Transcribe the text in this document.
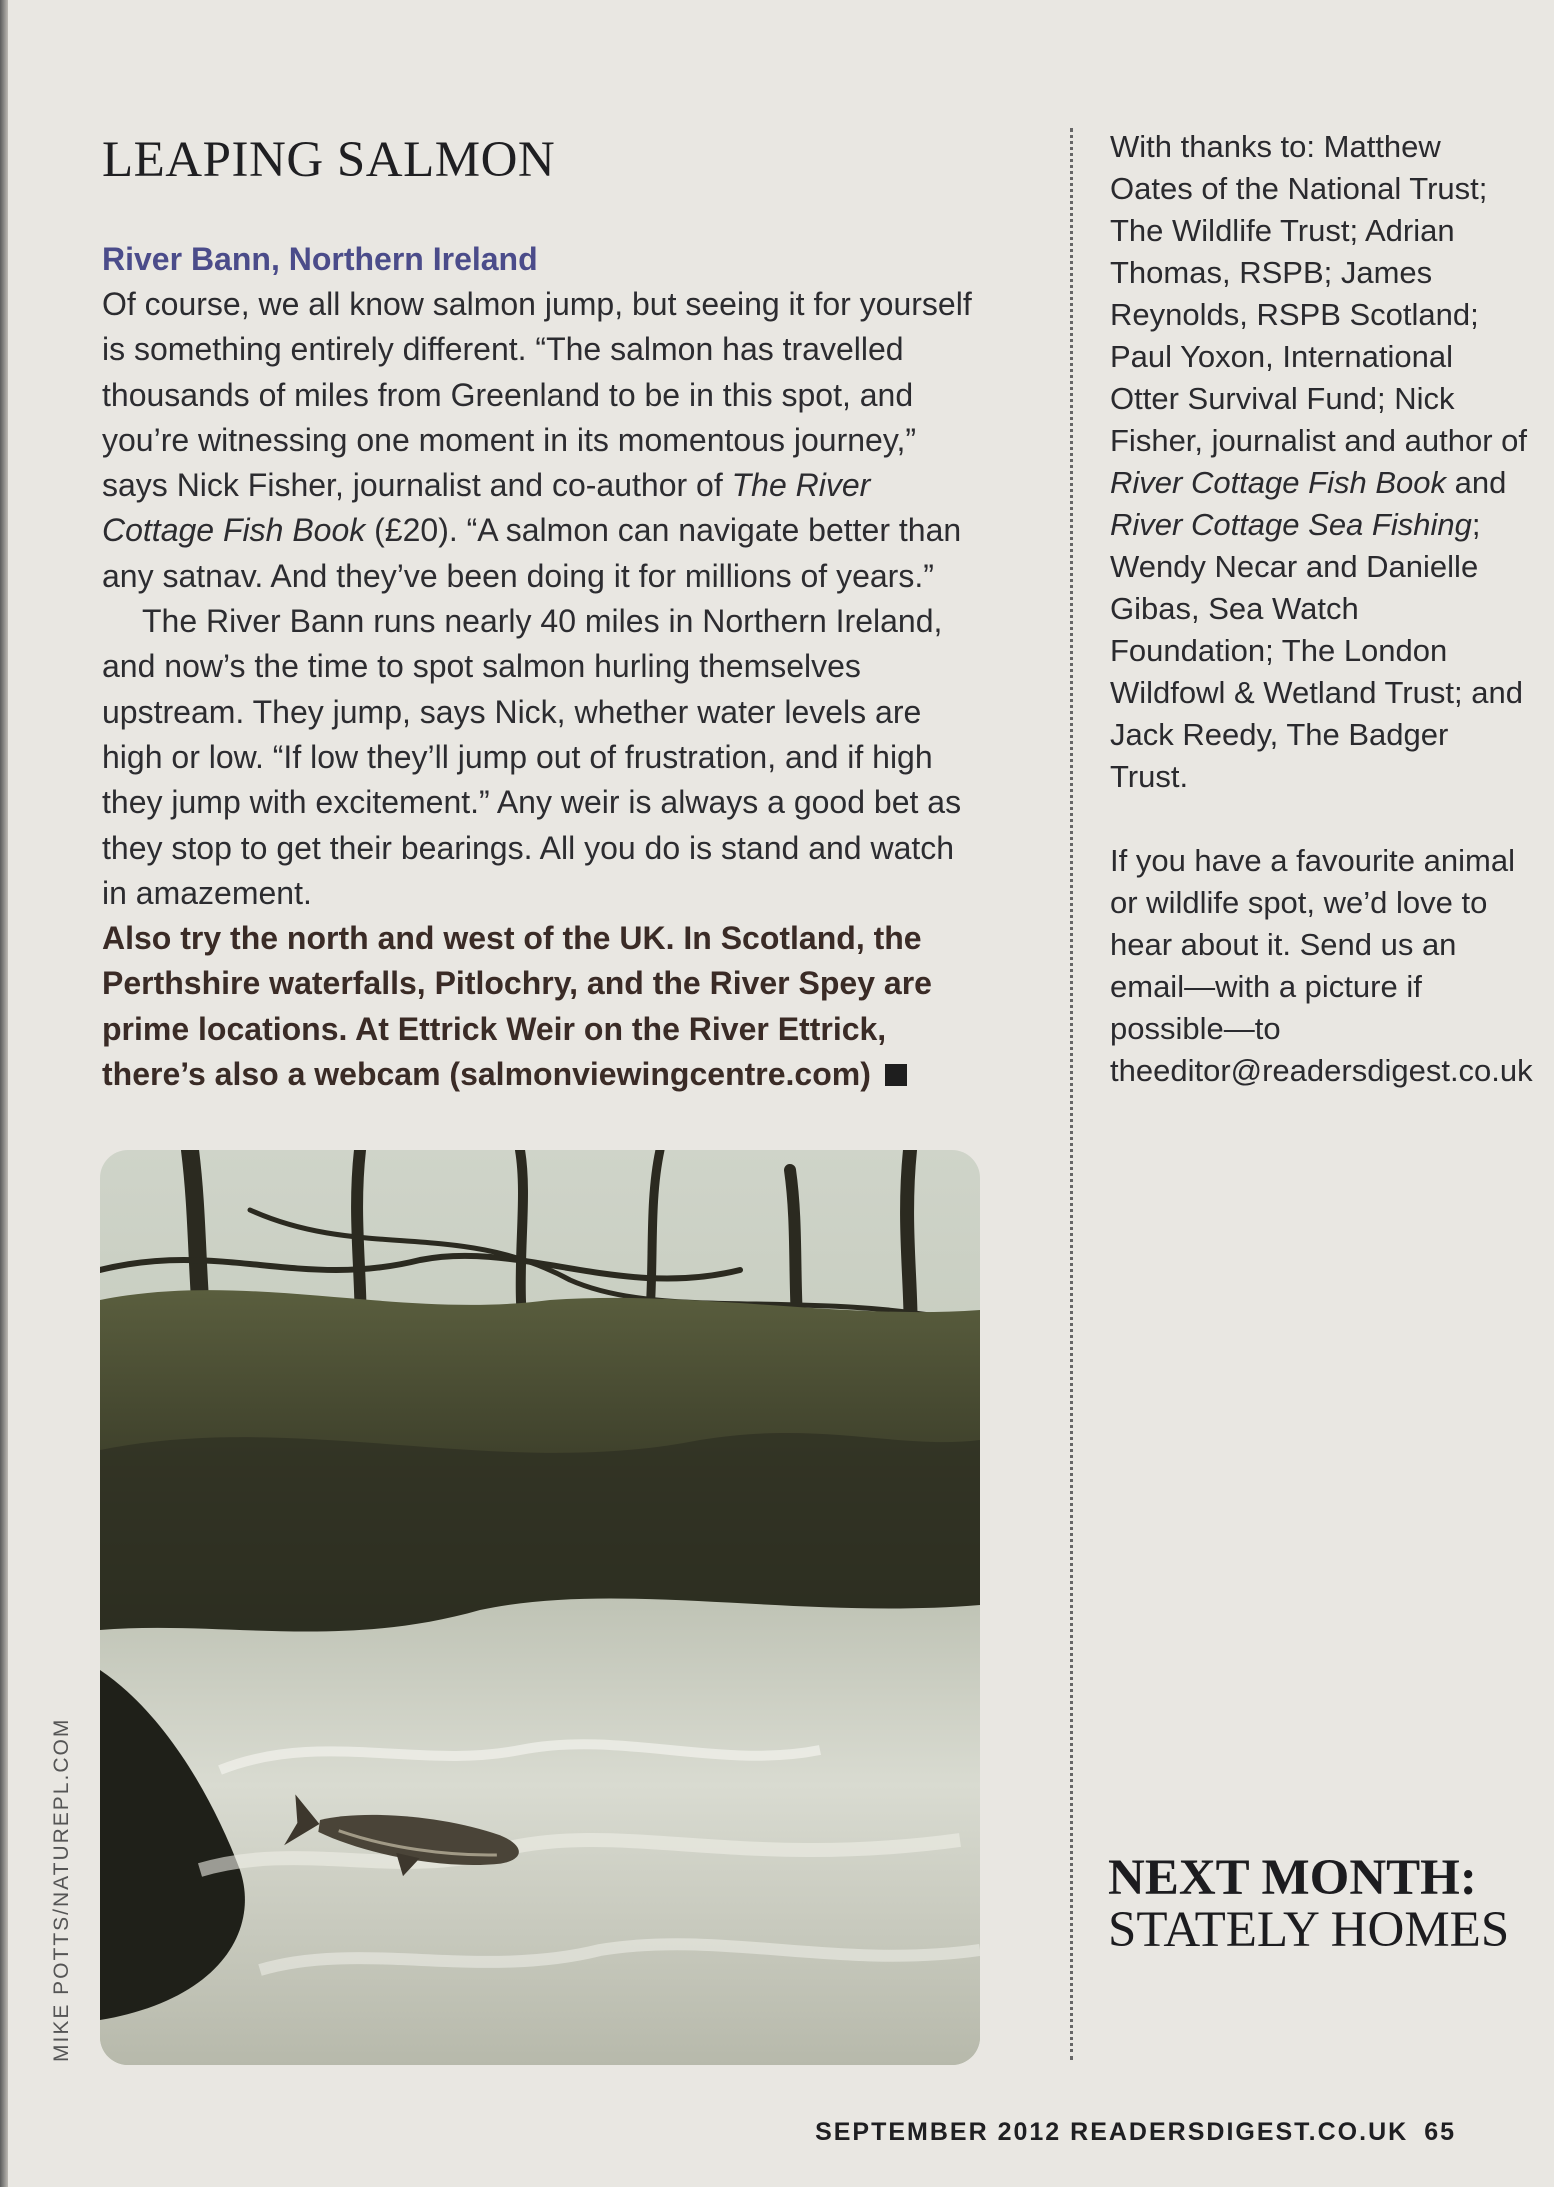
LEAPING SALMON
River Bann, Northern Ireland

Of course, we all know salmon jump, but seeing it for yourself is something entirely different. “The salmon has travelled thousands of miles from Greenland to be in this spot, and you’re witnessing one moment in its momentous journey,” says Nick Fisher, journalist and co-author of The River Cottage Fish Book (£20). “A salmon can navigate better than any satnav. And they’ve been doing it for millions of years.”

The River Bann runs nearly 40 miles in Northern Ireland, and now’s the time to spot salmon hurling themselves upstream. They jump, says Nick, whether water levels are high or low. “If low they’ll jump out of frustration, and if high they jump with excitement.” Any weir is always a good bet as they stop to get their bearings. All you do is stand and watch in amazement.

Also try the north and west of the UK. In Scotland, the Perthshire waterfalls, Pitlochry, and the River Spey are prime locations. At Ettrick Weir on the River Ettrick, there’s also a webcam (salmonviewingcentre.com)

MIKE POTTS/NATUREPL.COM

With thanks to: Matthew Oates of the National Trust; The Wildlife Trust; Adrian Thomas, RSPB; James Reynolds, RSPB Scotland; Paul Yoxon, International Otter Survival Fund; Nick Fisher, journalist and author of River Cottage Fish Book and River Cottage Sea Fishing; Wendy Necar and Danielle Gibas, Sea Watch Foundation; The London Wildfowl & Wetland Trust; and Jack Reedy, The Badger Trust.

If you have a favourite animal or wildlife spot, we’d love to hear about it. Send us an email—with a picture if possible—to theeditor@readersdigest.co.uk

NEXT MONTH:
STATELY HOMES
SEPTEMBER 2012 READERSDIGEST.CO.UK 65
